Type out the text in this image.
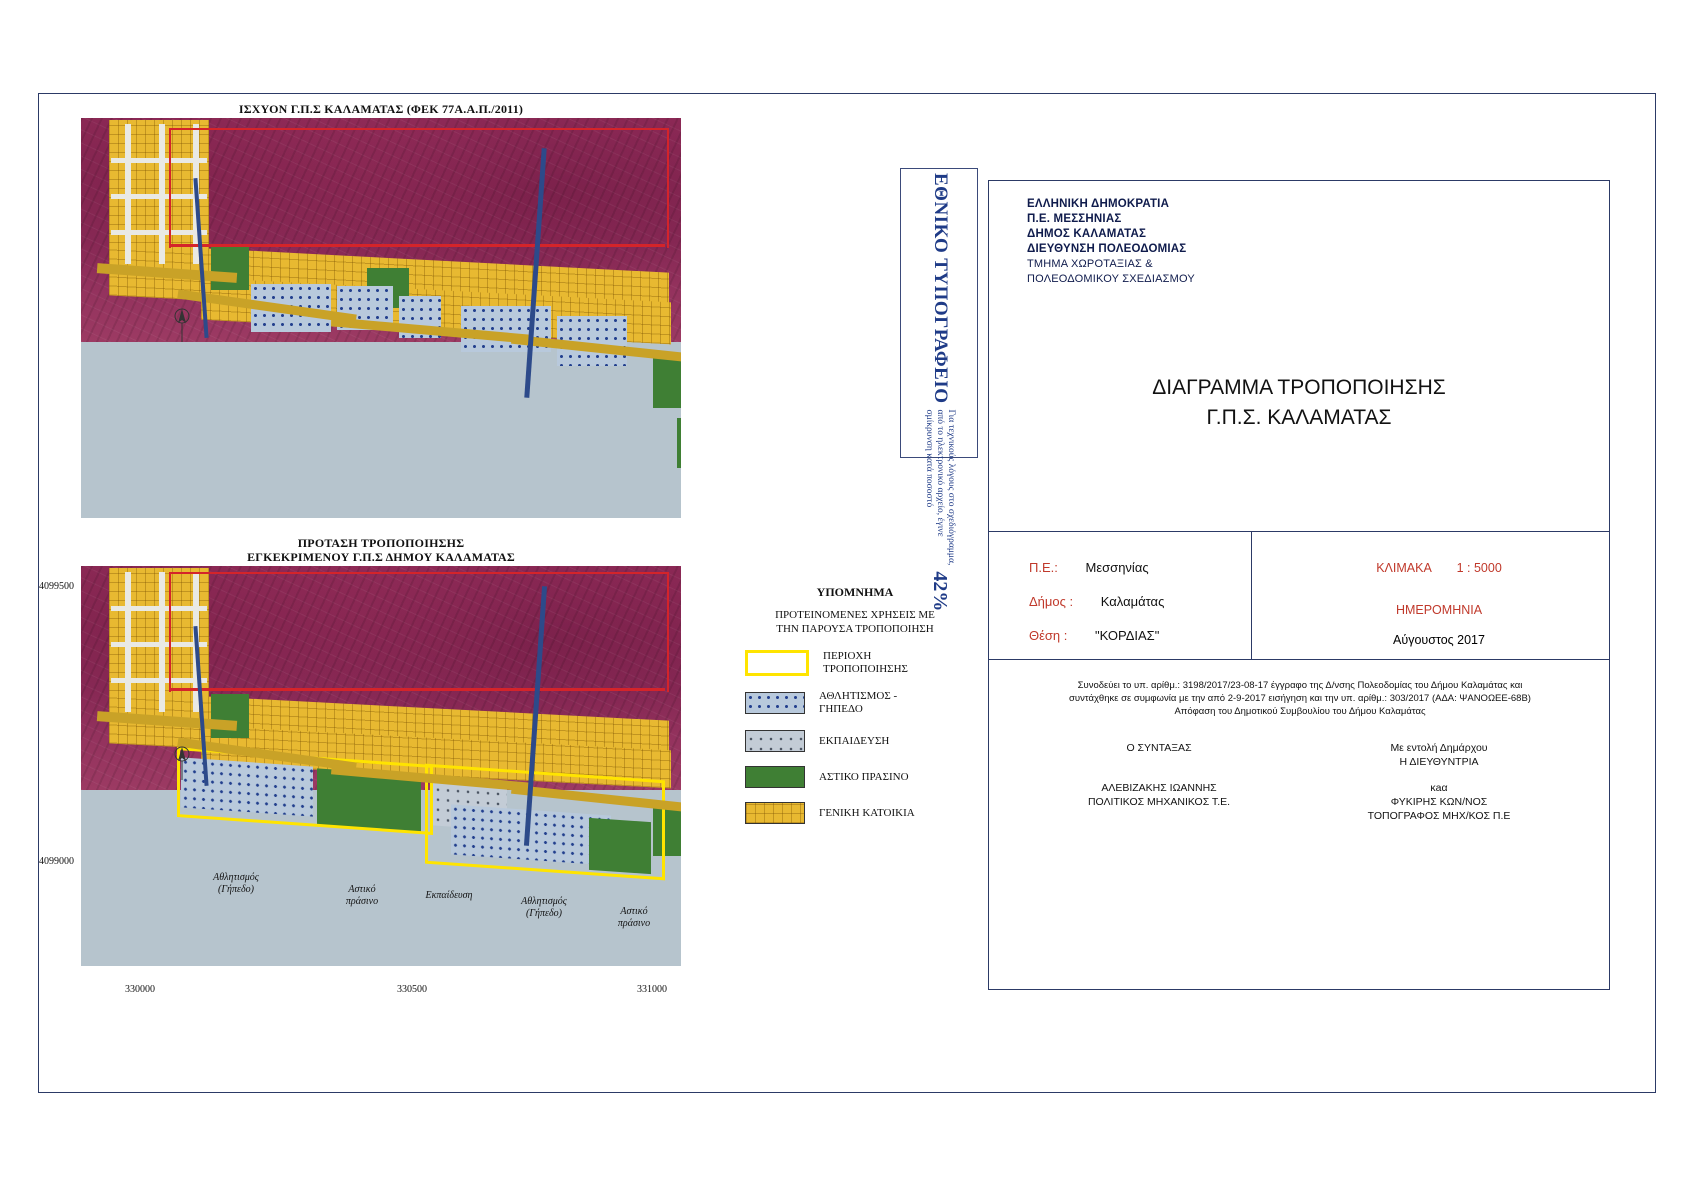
ΙΣΧΥΟΝ Γ.Π.Σ ΚΑΛΑΜΑΤΑΣ (ΦΕΚ 77Α.Α.Π./2011)
ΠΡΟΤΑΣΗ ΤΡΟΠΟΠΟΙΗΣΗΣ
ΕΓΚΕΚΡΙΜΕΝΟΥ Γ.Π.Σ ΔΗΜΟΥ ΚΑΛΑΜΑΤΑΣ
4099500
4099000
330000	330500	331000
Αθλητισμός
(Γήπεδο)	Αστικό
πράσινο
Εκπαίδευση
Αθλητισμός
(Γήπεδο)	Αστικό
πράσινο
ΕΘΝΙΚΟ ΤΥΠΟΓΡΑΦΕΙΟ
Για τεχνικούς λόγους στο σχεδιόγραμμα,
από το ηλεκτρονικό αρχείο, έγινε
σμίκρυνση κατά ποσοστό
42%
ΥΠΟΜΝΗΜΑ
ΠΡΟΤΕΙΝΟΜΕΝΕΣ ΧΡΗΣΕΙΣ ΜΕ
ΤΗΝ ΠΑΡΟΥΣΑ ΤΡΟΠΟΠΟΙΗΣΗ
ΠΕΡΙΟΧΗ
ΤΡΟΠΟΠΟΙΗΣΗΣ
ΑΘΛΗΤΙΣΜΟΣ -
ΓΗΠΕΔΟ
ΕΚΠΑΙΔΕΥΣΗ
ΑΣΤΙΚΟ ΠΡΑΣΙΝΟ
ΓΕΝΙΚΗ ΚΑΤΟΙΚΙΑ
ΕΛΛΗΝΙΚΗ ΔΗΜΟΚΡΑΤΙΑ
Π.Ε. ΜΕΣΣΗΝΙΑΣ
ΔΗΜΟΣ ΚΑΛΑΜΑΤΑΣ
ΔΙΕΥΘΥΝΣΗ ΠΟΛΕΟΔΟΜΙΑΣ
ΤΜΗΜΑ ΧΩΡΟΤΑΞΙΑΣ &
ΠΟΛΕΟΔΟΜΙΚΟΥ ΣΧΕΔΙΑΣΜΟΥ
ΔΙΑΓΡΑΜΜΑ ΤΡΟΠΟΠΟΙΗΣΗΣ
Γ.Π.Σ. ΚΑΛΑΜΑΤΑΣ
Π.Ε.: Μεσσηνίας
Δήμος : Καλαμάτας
Θέση : "ΚΟΡΔΙΑΣ"
ΚΛΙΜΑΚΑ 1 : 5000
ΗΜΕΡΟΜΗΝΙΑ
Αύγουστος 2017
Συνοδεύει το υπ. αρίθμ.: 3198/2017/23-08-17 έγγραφο της Δ/νσης Πολεοδομίας του Δήμου Καλαμάτας και
συντάχθηκε σε συμφωνία με την από 2-9-2017 εισήγηση και την υπ. αρίθμ.: 303/2017 (ΑΔΑ: ΨΑΝΟΩΕΕ-68Β)
Απόφαση του Δημοτικού Συμβουλίου του Δήμου Καλαμάτας
Ο ΣΥΝΤΑΞΑΣ
ΑΛΕΒΙΖΑΚΗΣ ΙΩΑΝΝΗΣ
ΠΟΛΙΤΙΚΟΣ ΜΗΧΑΝΙΚΟΣ Τ.Ε.
Με εντολή Δημάρχου
Η ΔΙΕΥΘΥΝΤΡΙΑ
κaα
ΦΥΚΙΡΗΣ ΚΩΝ/ΝΟΣ
ΤΟΠΟΓΡΑΦΟΣ ΜΗΧ/ΚΟΣ Π.Ε
